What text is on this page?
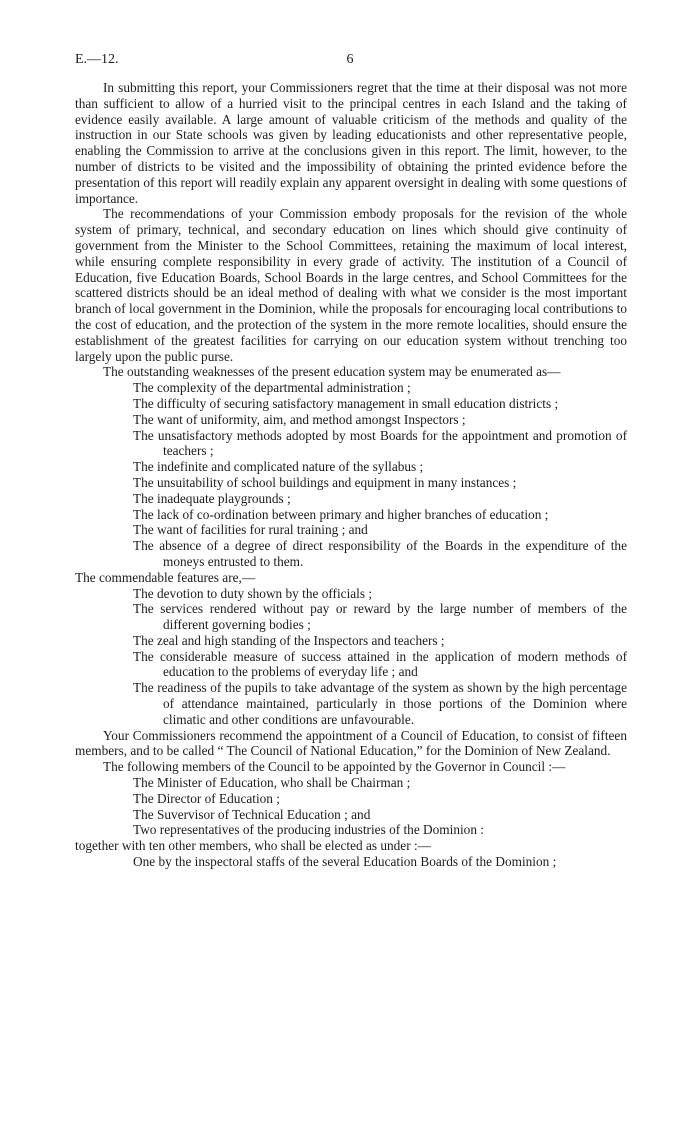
E.—12.	6

In submitting this report, your Commissioners regret that the time at their disposal was not more than sufficient to allow of a hurried visit to the principal centres in each Island and the taking of evidence easily available. A large amount of valuable criticism of the methods and quality of the instruction in our State schools was given by leading educationists and other representative people, enabling the Commission to arrive at the conclusions given in this report. The limit, however, to the number of districts to be visited and the impossibility of obtaining the printed evidence before the presentation of this report will readily explain any apparent oversight in dealing with some questions of importance.

The recommendations of your Commission embody proposals for the revision of the whole system of primary, technical, and secondary education on lines which should give continuity of government from the Minister to the School Committees, retaining the maximum of local interest, while ensuring complete responsibility in every grade of activity. The institution of a Council of Education, five Education Boards, School Boards in the large centres, and School Committees for the scattered districts should be an ideal method of dealing with what we consider is the most important branch of local government in the Dominion, while the proposals for encouraging local contributions to the cost of education, and the protection of the system in the more remote localities, should ensure the establishment of the greatest facilities for carrying on our education system without trenching too largely upon the public purse.

The outstanding weaknesses of the present education system may be enumerated as—

The complexity of the departmental administration ;

The difficulty of securing satisfactory management in small education districts ;

The want of uniformity, aim, and method amongst Inspectors ;

The unsatisfactory methods adopted by most Boards for the appointment and promotion of teachers ;

The indefinite and complicated nature of the syllabus ;

The unsuitability of school buildings and equipment in many instances ;

The inadequate playgrounds ;

The lack of co-ordination between primary and higher branches of education ;

The want of facilities for rural training ; and

The absence of a degree of direct responsibility of the Boards in the expenditure of the moneys entrusted to them.

The commendable features are,—

The devotion to duty shown by the officials ;

The services rendered without pay or reward by the large number of members of the different governing bodies ;

The zeal and high standing of the Inspectors and teachers ;

The considerable measure of success attained in the application of modern methods of education to the problems of everyday life ; and

The readiness of the pupils to take advantage of the system as shown by the high percentage of attendance maintained, particularly in those portions of the Dominion where climatic and other conditions are unfavourable.

Your Commissioners recommend the appointment of a Council of Education, to consist of fifteen members, and to be called “ The Council of National Education,” for the Dominion of New Zealand.

The following members of the Council to be appointed by the Governor in Council :—

The Minister of Education, who shall be Chairman ;

The Director of Education ;

The Suvervisor of Technical Education ; and

Two representatives of the producing industries of the Dominion :

together with ten other members, who shall be elected as under :—

One by the inspectoral staffs of the several Education Boards of the Dominion ;
